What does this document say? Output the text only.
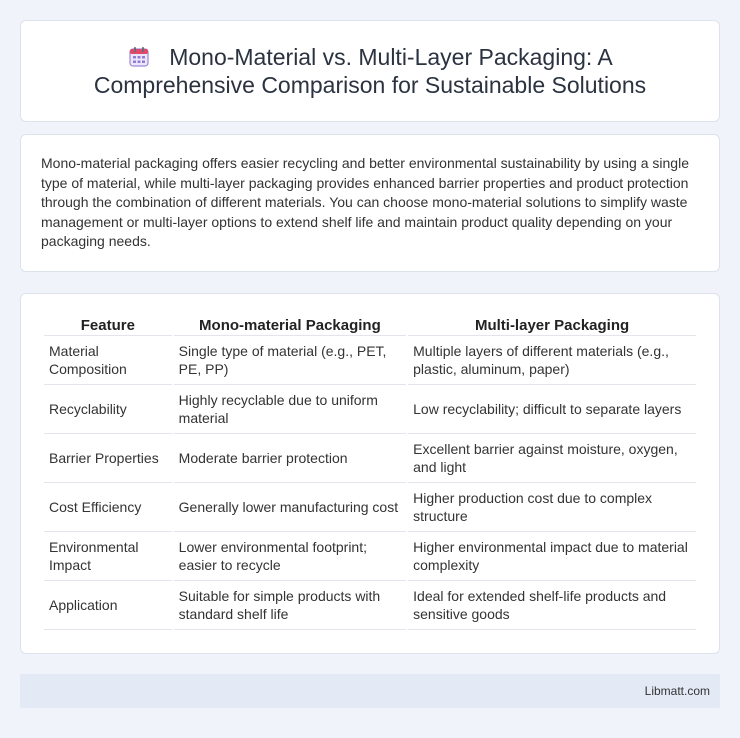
Mono-Material vs. Multi-Layer Packaging: A Comprehensive Comparison for Sustainable Solutions

Mono-material packaging offers easier recycling and better environmental sustainability by using a single type of material, while multi-layer packaging provides enhanced barrier properties and product protection through the combination of different materials. You can choose mono-material solutions to simplify waste management or multi-layer options to extend shelf life and maintain product quality depending on your packaging needs.

Feature	Mono-material Packaging	Multi-layer Packaging
Material Composition	Single type of material (e.g., PET, PE, PP)	Multiple layers of different materials (e.g., plastic, aluminum, paper)
Recyclability	Highly recyclable due to uniform material	Low recyclability; difficult to separate layers
Barrier Properties	Moderate barrier protection	Excellent barrier against moisture, oxygen, and light
Cost Efficiency	Generally lower manufacturing cost	Higher production cost due to complex structure
Environmental Impact	Lower environmental footprint; easier to recycle	Higher environmental impact due to material complexity
Application	Suitable for simple products with standard shelf life	Ideal for extended shelf-life products and sensitive goods
Libmatt.com
